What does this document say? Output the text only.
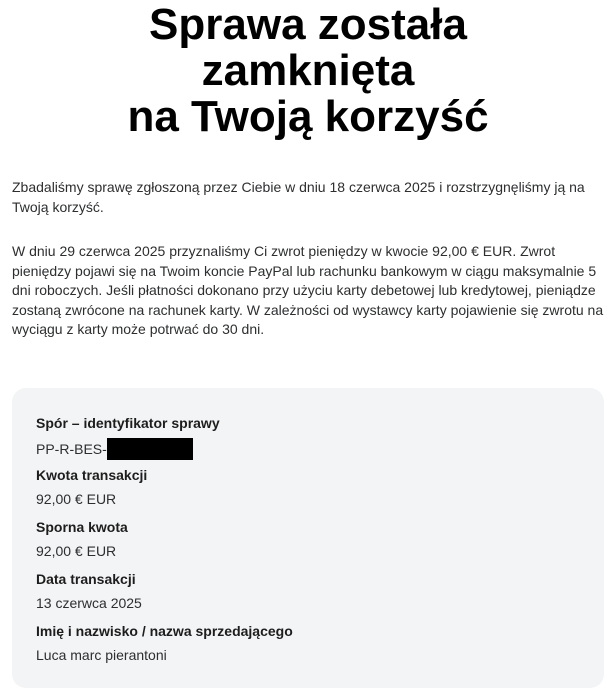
Sprawa została
zamknięta
na Twoją korzyść

Zbadaliśmy sprawę zgłoszoną przez Ciebie w dniu 18 czerwca 2025 i rozstrzygnęliśmy ją na Twoją korzyść.

W dniu 29 czerwca 2025 przyznaliśmy Ci zwrot pieniędzy w kwocie 92,00 € EUR. Zwrot pieniędzy pojawi się na Twoim koncie PayPal lub rachunku bankowym w ciągu maksymalnie 5 dni roboczych. Jeśli płatności dokonano przy użyciu karty debetowej lub kredytowej, pieniądze zostaną zwrócone na rachunek karty. W zależności od wystawcy karty pojawienie się zwrotu na wyciągu z karty może potrwać do 30 dni.

Spór – identyfikator sprawy
PP-R-BES-
Kwota transakcji
92,00 € EUR
Sporna kwota
92,00 € EUR
Data transakcji
13 czerwca 2025
Imię i nazwisko / nazwa sprzedającego
Luca marc pierantoni
